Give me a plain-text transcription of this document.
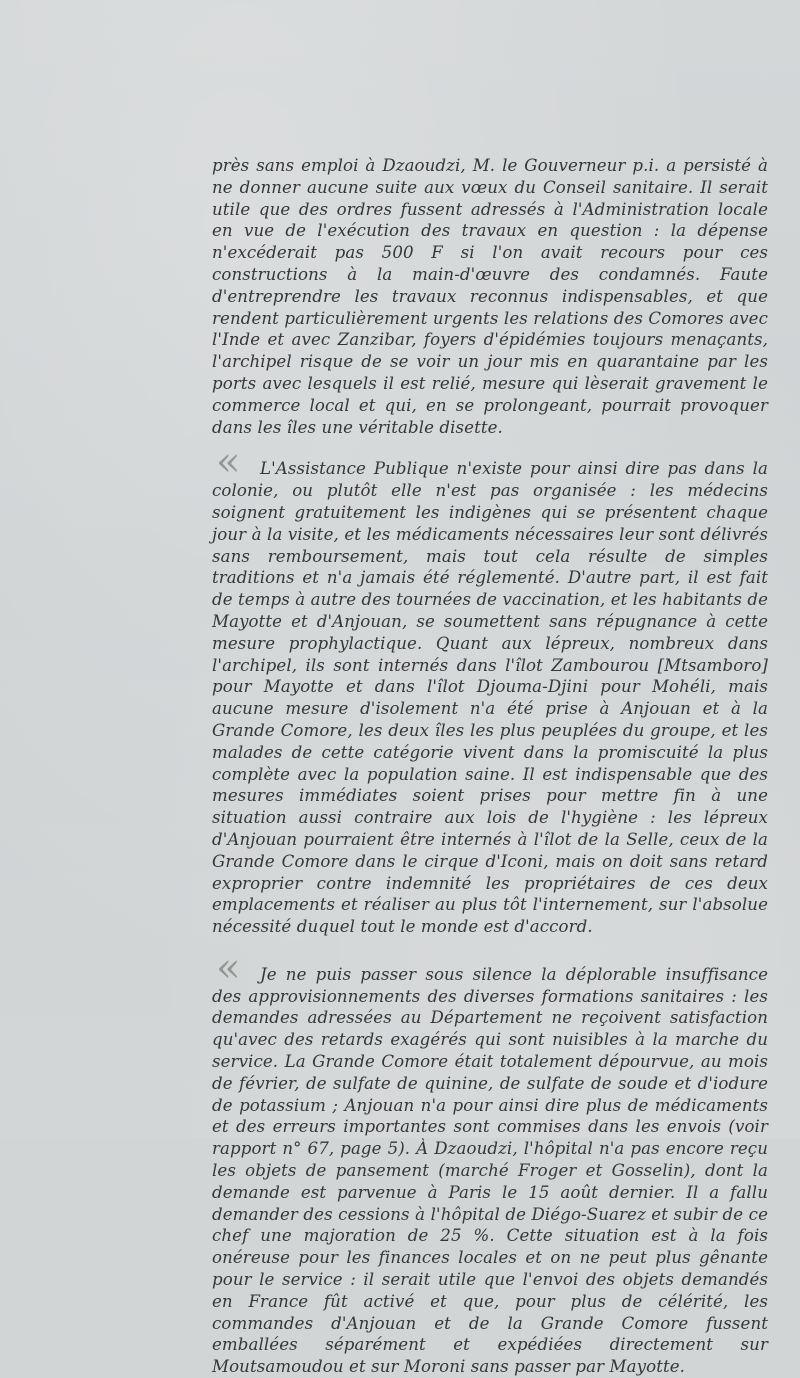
près sans emploi à Dzaoudzi, M. le Gouverneur p.i. a persisté à ne donner aucune suite aux vœux du Conseil sanitaire. Il serait utile que des ordres fussent adressés à l'Administration locale en vue de l'exécution des travaux en question : la dépense n'excéderait pas 500 F si l'on avait recours pour ces constructions à la main-d'œuvre des condamnés. Faute d'entreprendre les travaux reconnus indispensables, et que rendent particulièrement urgents les relations des Comores avec l'Inde et avec Zanzibar, foyers d'épidémies toujours menaçants, l'archipel risque de se voir un jour mis en quarantaine par les ports avec lesquels il est relié, mesure qui lèserait gravement le commerce local et qui, en se prolongeant, pourrait provoquer dans les îles une véritable disette.

«	L'Assistance Publique n'existe pour ainsi dire pas dans la colonie, ou plutôt elle n'est pas organisée : les médecins soignent gratuitement les indigènes qui se présentent chaque jour à la visite, et les médicaments nécessaires leur sont délivrés sans remboursement, mais tout cela résulte de simples traditions et n'a jamais été réglementé. D'autre part, il est fait de temps à autre des tournées de vaccination, et les habitants de Mayotte et d'Anjouan, se soumettent sans répugnance à cette mesure prophylactique. Quant aux lépreux, nombreux dans l'archipel, ils sont internés dans l'îlot Zambourou [Mtsamboro] pour Mayotte et dans l'îlot Djouma-Djini pour Mohéli, mais aucune mesure d'isolement n'a été prise à Anjouan et à la Grande Comore, les deux îles les plus peuplées du groupe, et les malades de cette catégorie vivent dans la promiscuité la plus complète avec la population saine. Il est indispensable que des mesures immédiates soient prises pour mettre fin à une situation aussi contraire aux lois de l'hygiène : les lépreux d'Anjouan pourraient être internés à l'îlot de la Selle, ceux de la Grande Comore dans le cirque d'Iconi, mais on doit sans retard exproprier contre indemnité les propriétaires de ces deux emplacements et réaliser au plus tôt l'internement, sur l'absolue nécessité duquel tout le monde est d'accord.

«	Je ne puis passer sous silence la déplorable insuffisance des approvisionnements des diverses formations sanitaires : les demandes adressées au Département ne reçoivent satisfaction qu'avec des retards exagérés qui sont nuisibles à la marche du service. La Grande Comore était totalement dépourvue, au mois de février, de sulfate de quinine, de sulfate de soude et d'iodure de potassium ; Anjouan n'a pour ainsi dire plus de médicaments et des erreurs importantes sont commises dans les envois (voir rapport n° 67, page 5). À Dzaoudzi, l'hôpital n'a pas encore reçu les objets de pansement (marché Froger et Gosselin), dont la demande est parvenue à Paris le 15 août dernier. Il a fallu demander des cessions à l'hôpital de Diégo-Suarez et subir de ce chef une majoration de 25 %. Cette situation est à la fois onéreuse pour les finances locales et on ne peut plus gênante pour le service : il serait utile que l'envoi des objets demandés en France fût activé et que, pour plus de célérité, les commandes d'Anjouan et de la Grande Comore fussent emballées séparément et expédiées directement sur Moutsamoudou et sur Moroni sans passer par Mayotte.
